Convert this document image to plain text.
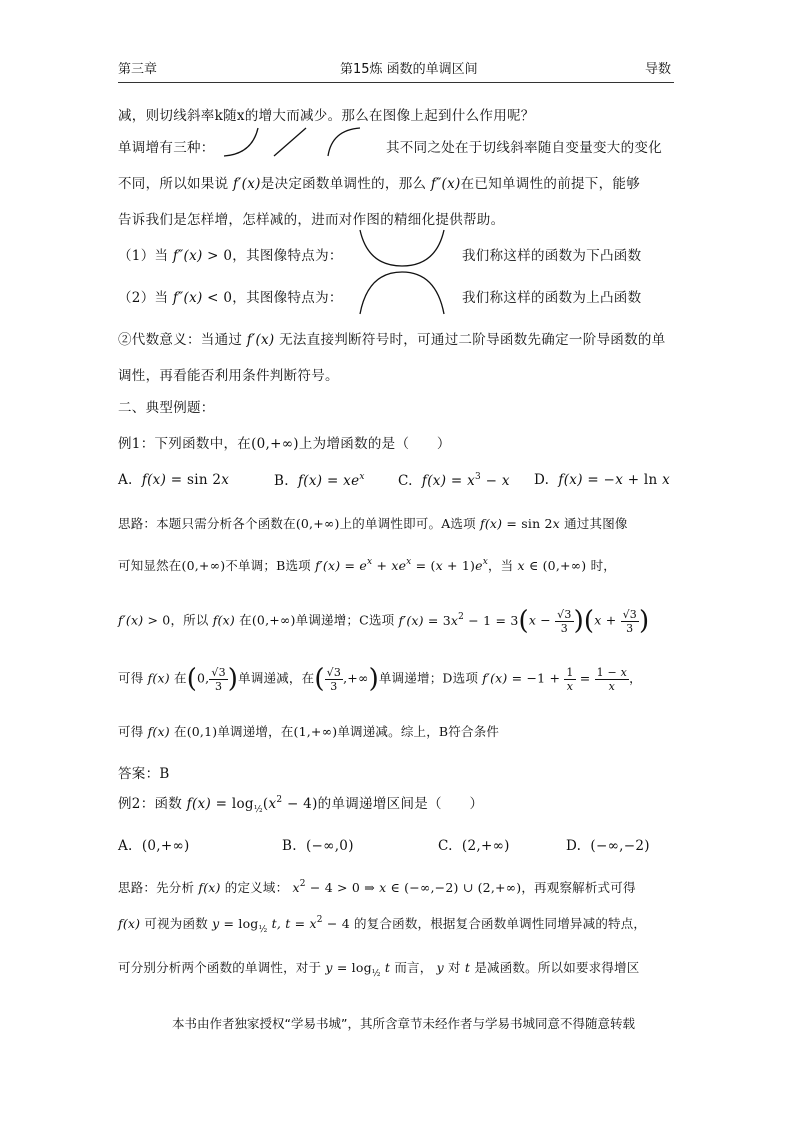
第三章	第15炼 函数的单调区间	导数
减，则切线斜率k随x的增大而减少。那么在图像上起到什么作用呢？
单调增有三种：	其不同之处在于切线斜率随自变量变大的变化
不同，所以如果说 f′(x)是决定函数单调性的，那么 f″(x)在已知单调性的前提下，能够
告诉我们是怎样增，怎样减的，进而对作图的精细化提供帮助。
（1）当 f″(x) > 0，其图像特点为：	我们称这样的函数为下凸函数
（2）当 f″(x) < 0，其图像特点为：	我们称这样的函数为上凸函数
②代数意义：当通过 f′(x) 无法直接判断符号时，可通过二阶导函数先确定一阶导函数的单
调性，再看能否利用条件判断符号。
二、典型例题：
例1：下列函数中，在(0,+∞)上为增函数的是（　　）
A.  f(x) = sin 2x	B.  $f(x) = xe^x$ C.  $f(x) = x^3 - x$ D.  f(x) = −x + ln x
思路：本题只需分析各个函数在(0,+∞)上的单调性即可。A选项 f(x) = sin 2x 通过其图像
可知显然在(0,+∞)不单调；B选项 $f'(x) = e^x + xe^x = (x + 1)e^x$，当 x ∈ (0,+∞) 时，
f′(x) > 0，所以 f(x) 在(0,+∞)单调递增；C选项 $f'(x) = 3x^2 - 1 = 3(x - \frac{√3}{3} )(x + \frac{√3}{3}$ )
可得 f(x) 在(0, $\frac{√3}{3}$ )单调递减，在( $\frac{√3}{3}$ ,+∞)单调递增；D选项 $f'(x) = -1 + \frac{1}{x} = \frac{1 - x}{x}$ ，
可得 f(x) 在(0,1)单调递增，在(1,+∞)单调递减。综上，B符合条件
答案：B
例2：函数 $f(x) = \log_{\frac{1}{2}}(x^2 - 4)$的单调递增区间是（　　）
A.  (0,+∞)	B.  (−∞,0)	C.  (2,+∞)	D.  (−∞,−2)
思路：先分析 f(x) 的定义域： $x^2 - 4 > 0$ ⇒ x ∈ (−∞,−2) ∪ (2,+∞)，再观察解析式可得
f(x) 可视为函数 $y = \log_{\frac{1}{2}} t$, $t = x^2 - 4$ 的复合函数，根据复合函数单调性同增异减的特点，
可分别分析两个函数的单调性，对于 $y = \log_{\frac{1}{2}} t$ 而言， y 对 t 是减函数。所以如要求得增区
本书由作者独家授权“学易书城”，其所含章节未经作者与学易书城同意不得随意转载
